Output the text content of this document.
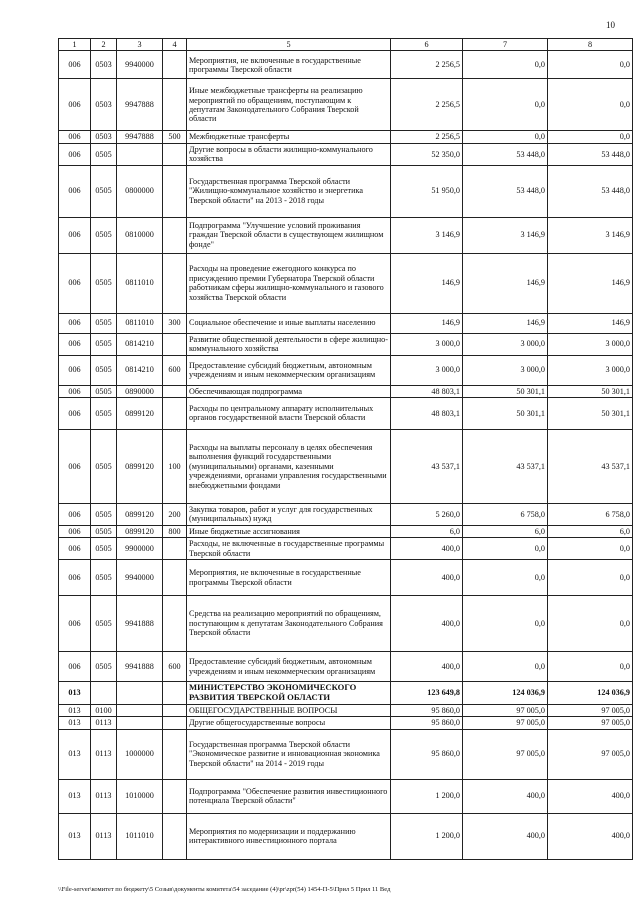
10
1	2	3	4	5	6	7	8
006	0503	9940000		Мероприятия, не включенные в государственные программы Тверской области	2 256,5	0,0	0,0
006	0503	9947888		Иные межбюджетные трансферты на реализацию мероприятий по обращениям, поступающим к депутатам Законодательного Собрания Тверской области	2 256,5	0,0	0,0
006	0503	9947888	500	Межбюджетные трансферты	2 256,5	0,0	0,0
006	0505			Другие вопросы в области жилищно-коммунального хозяйства	52 350,0	53 448,0	53 448,0
006	0505	0800000		Государственная программа Тверской области "Жилищно-коммунальное хозяйство и энергетика Тверской области" на 2013 - 2018 годы	51 950,0	53 448,0	53 448,0
006	0505	0810000		Подпрограмма "Улучшение условий проживания граждан Тверской области в существующем жилищном фонде"	3 146,9	3 146,9	3 146,9
006	0505	0811010		Расходы на проведение ежегодного конкурса по присуждению премии Губернатора Тверской области работникам сферы жилищно-коммунального и газового хозяйства Тверской области	146,9	146,9	146,9
006	0505	0811010	300	Социальное обеспечение и иные выплаты населению	146,9	146,9	146,9
006	0505	0814210		Развитие общественной деятельности в сфере жилищно-коммунального хозяйства	3 000,0	3 000,0	3 000,0
006	0505	0814210	600	Предоставление субсидий бюджетным, автономным учреждениям и иным некоммерческим организациям	3 000,0	3 000,0	3 000,0
006	0505	0890000		Обеспечивающая подпрограмма	48 803,1	50 301,1	50 301,1
006	0505	0899120		Расходы по центральному аппарату исполнительных органов государственной власти Тверской области	48 803,1	50 301,1	50 301,1
006	0505	0899120	100	Расходы на выплаты персоналу в целях обеспечения выполнения функций государственными (муниципальными) органами, казенными учреждениями, органами управления государственными внебюджетными фондами	43 537,1	43 537,1	43 537,1
006	0505	0899120	200	Закупка товаров, работ и услуг для государственных (муниципальных) нужд	5 260,0	6 758,0	6 758,0
006	0505	0899120	800	Иные бюджетные ассигнования	6,0	6,0	6,0
006	0505	9900000		Расходы, не включенные в государственные программы Тверской области	400,0	0,0	0,0
006	0505	9940000		Мероприятия, не включенные в государственные программы Тверской области	400,0	0,0	0,0
006	0505	9941888		Средства на реализацию мероприятий по обращениям, поступающим к депутатам Законодательного Собрания Тверской области	400,0	0,0	0,0
006	0505	9941888	600	Предоставление субсидий бюджетным, автономным учреждениям и иным некоммерческим организациям	400,0	0,0	0,0
013				МИНИСТЕРСТВО ЭКОНОМИЧЕСКОГО РАЗВИТИЯ ТВЕРСКОЙ ОБЛАСТИ	123 649,8	124 036,9	124 036,9
013	0100			ОБЩЕГОСУДАРСТВЕННЫЕ ВОПРОСЫ	95 860,0	97 005,0	97 005,0
013	0113			Другие общегосударственные вопросы	95 860,0	97 005,0	97 005,0
013	0113	1000000		Государственная программа Тверской области "Экономическое развитие и инновационная экономика Тверской области" на 2014 - 2019 годы	95 860,0	97 005,0	97 005,0
013	0113	1010000		Подпрограмма "Обеспечение развития инвестиционного потенциала Тверской области"	1 200,0	400,0	400,0
013	0113	1011010		Мероприятия по модернизации и поддержанию интерактивного инвестиционного портала	1 200,0	400,0	400,0
\\File-server\комитет по бюджету\5 Созыв\документы комитета\54 заседание (4)\pr\zpr(54) 1454-П-5\Прил 5 Прил 11 Вед
